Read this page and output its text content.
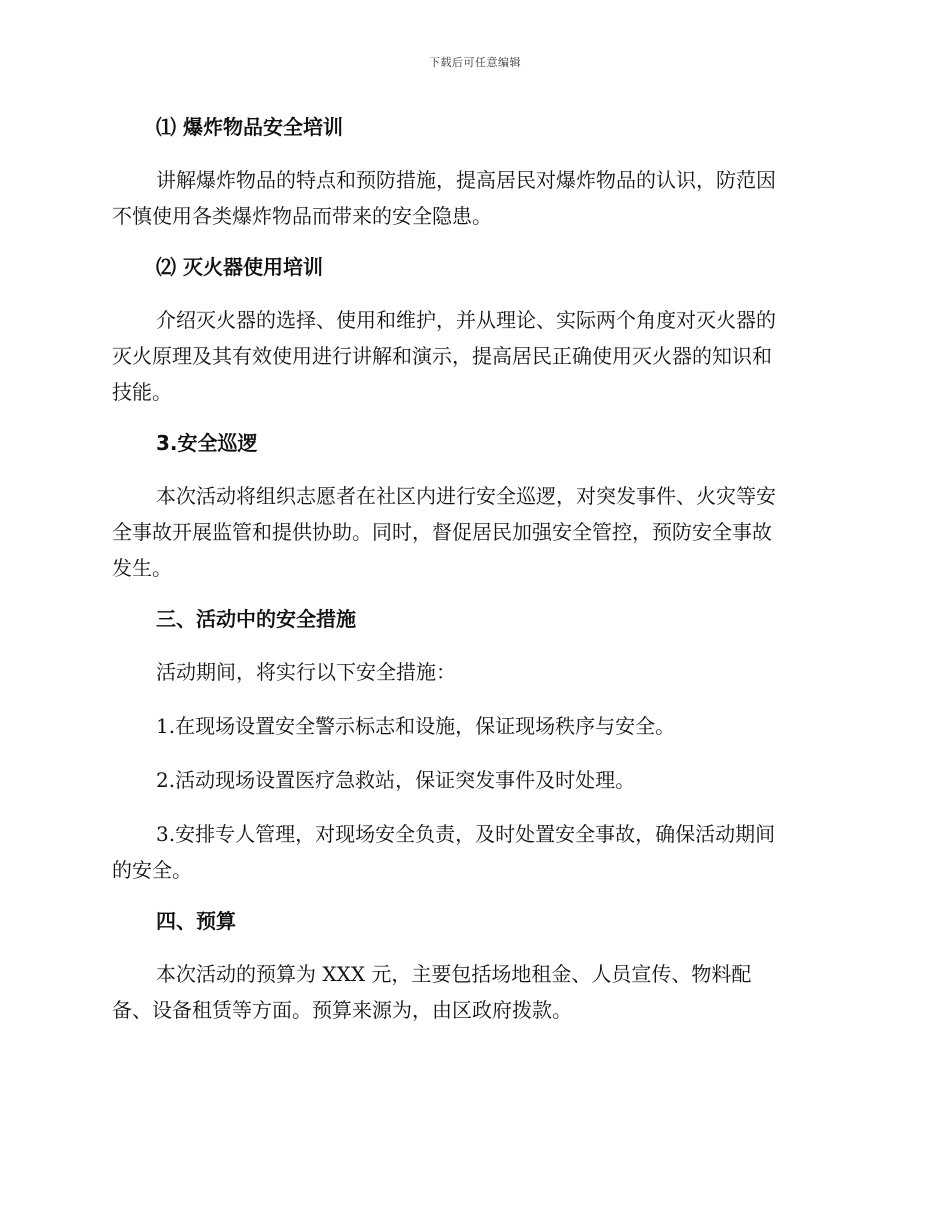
下载后可任意编辑

⑴ 爆炸物品安全培训

讲解爆炸物品的特点和预防措施，提高居民对爆炸物品的认识，防范因
不慎使用各类爆炸物品而带来的安全隐患。

⑵ 灭火器使用培训

介绍灭火器的选择、使用和维护，并从理论、实际两个角度对灭火器的
灭火原理及其有效使用进行讲解和演示，提高居民正确使用灭火器的知识和
技能。

3.安全巡逻

本次活动将组织志愿者在社区内进行安全巡逻，对突发事件、火灾等安
全事故开展监管和提供协助。同时，督促居民加强安全管控，预防安全事故
发生。

三、活动中的安全措施

活动期间，将实行以下安全措施：
1.在现场设置安全警示标志和设施，保证现场秩序与安全。
2.活动现场设置医疗急救站，保证突发事件及时处理。
3.安排专人管理，对现场安全负责，及时处置安全事故，确保活动期间
的安全。

四、预算

本次活动的预算为 XXX 元，主要包括场地租金、人员宣传、物料配
备、设备租赁等方面。预算来源为，由区政府拨款。
